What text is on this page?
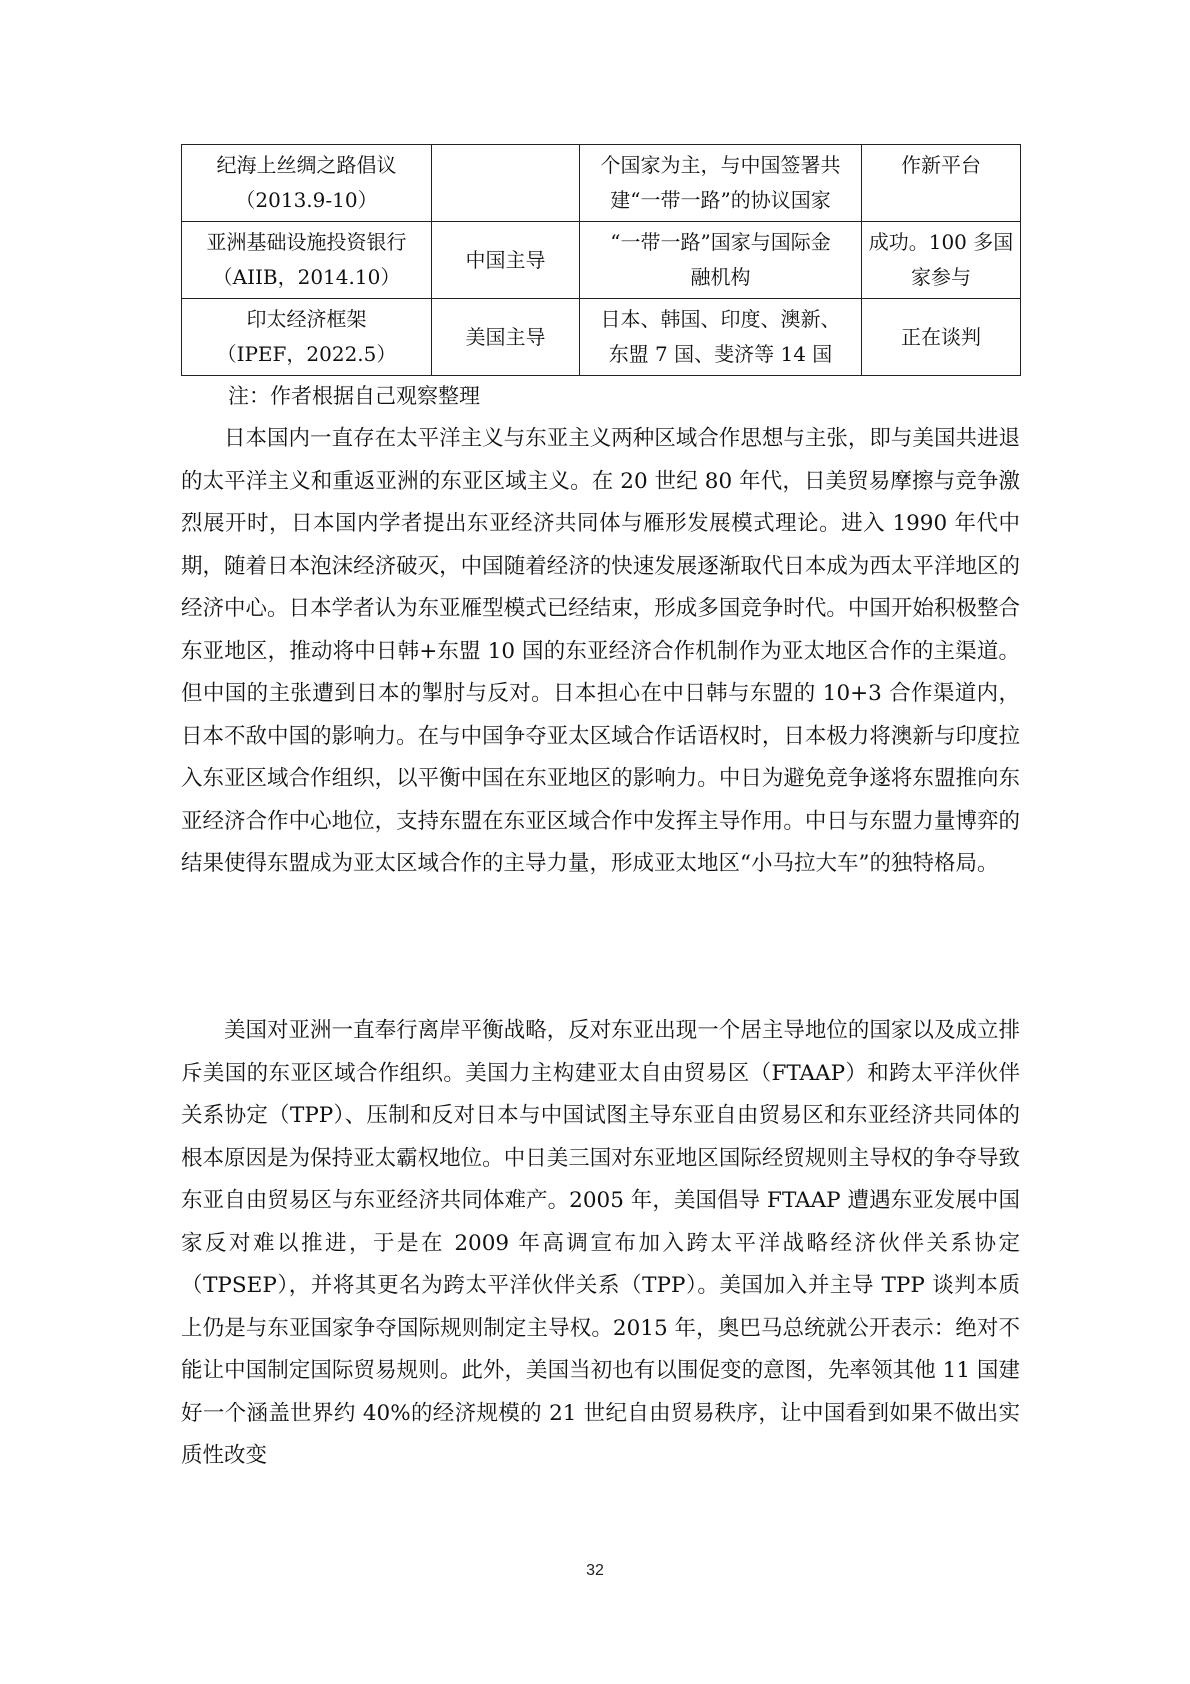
纪海上丝绸之路倡议
（2013.9-10）		个国家为主，与中国签署共
建“一带一路”的协议国家	作新平台

亚洲基础设施投资银行
（AIIB，2014.10）	中国主导	“一带一路”国家与国际金
融机构	成功。100 多国
家参与

印太经济框架
（IPEF，2022.5）	美国主导	日本、韩国、印度、澳新、
东盟 7 国、斐济等 14 国	正在谈判
注：作者根据自己观察整理

日本国内一直存在太平洋主义与东亚主义两种区域合作思想与主张，即与美国共进退的太平洋主义和重返亚洲的东亚区域主义。在 20 世纪 80 年代，日美贸易摩擦与竞争激烈展开时，日本国内学者提出东亚经济共同体与雁形发展模式理论。进入 1990 年代中期，随着日本泡沫经济破灭，中国随着经济的快速发展逐渐取代日本成为西太平洋地区的经济中心。日本学者认为东亚雁型模式已经结束，形成多国竞争时代。中国开始积极整合东亚地区，推动将中日韩+东盟 10 国的东亚经济合作机制作为亚太地区合作的主渠道。但中国的主张遭到日本的掣肘与反对。日本担心在中日韩与东盟的 10+3 合作渠道内，日本不敌中国的影响力。在与中国争夺亚太区域合作话语权时，日本极力将澳新与印度拉入东亚区域合作组织，以平衡中国在东亚地区的影响力。中日为避免竞争遂将东盟推向东亚经济合作中心地位，支持东盟在东亚区域合作中发挥主导作用。中日与东盟力量博弈的结果使得东盟成为亚太区域合作的主导力量，形成亚太地区“小马拉大车”的独特格局。

美国对亚洲一直奉行离岸平衡战略，反对东亚出现一个居主导地位的国家以及成立排斥美国的东亚区域合作组织。美国力主构建亚太自由贸易区（FTAAP）和跨太平洋伙伴关系协定（TPP）、压制和反对日本与中国试图主导东亚自由贸易区和东亚经济共同体的根本原因是为保持亚太霸权地位。中日美三国对东亚地区国际经贸规则主导权的争夺导致东亚自由贸易区与东亚经济共同体难产。2005 年，美国倡导 FTAAP 遭遇东亚发展中国家反对难以推进，于是在 2009 年高调宣布加入跨太平洋战略经济伙伴关系协定（TPSEP），并将其更名为跨太平洋伙伴关系（TPP）。美国加入并主导 TPP 谈判本质上仍是与东亚国家争夺国际规则制定主导权。2015 年，奥巴马总统就公开表示：绝对不能让中国制定国际贸易规则。此外，美国当初也有以围促变的意图，先率领其他 11 国建好一个涵盖世界约 40%的经济规模的 21 世纪自由贸易秩序，让中国看到如果不做出实质性改变

32
